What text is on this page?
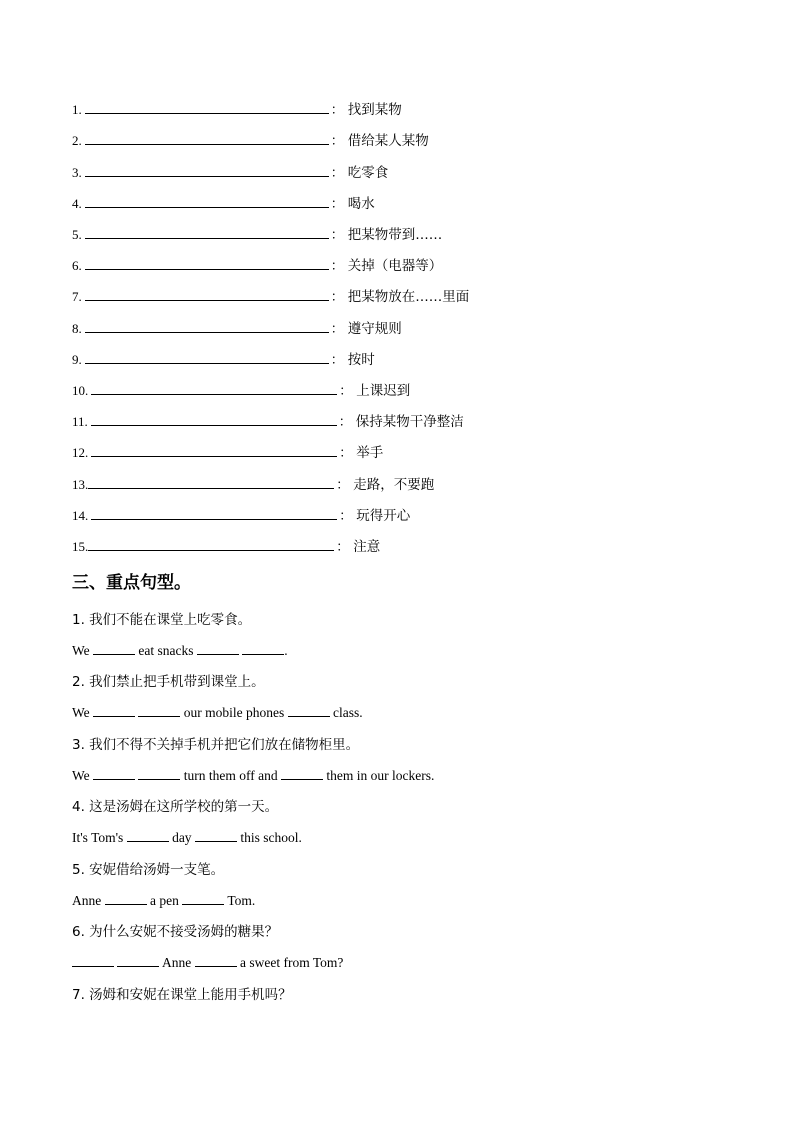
1.	： 找到某物
2.	： 借给某人某物
3.	： 吃零食
4.	： 喝水
5.	： 把某物带到……
6.	： 关掉（电器等）
7.	： 把某物放在……里面
8.	： 遵守规则
9.	： 按时
10.	： 上课迟到
11.	： 保持某物干净整洁
12.	： 举手
13.	： 走路，不要跑
14.	： 玩得开心
15.	： 注意
三、重点句型。
1. 我们不能在课堂上吃零食。
We	eat snacks	.
2. 我们禁止把手机带到课堂上。
We	our mobile phones	class.
3. 我们不得不关掉手机并把它们放在储物柜里。
We	turn them off and	them in our lockers.
4. 这是汤姆在这所学校的第一天。
It's Tom's	day	this school.
5. 安妮借给汤姆一支笔。
Anne	a pen	Tom.
6. 为什么安妮不接受汤姆的糖果？
Anne	a sweet from Tom?
7. 汤姆和安妮在课堂上能用手机吗？
